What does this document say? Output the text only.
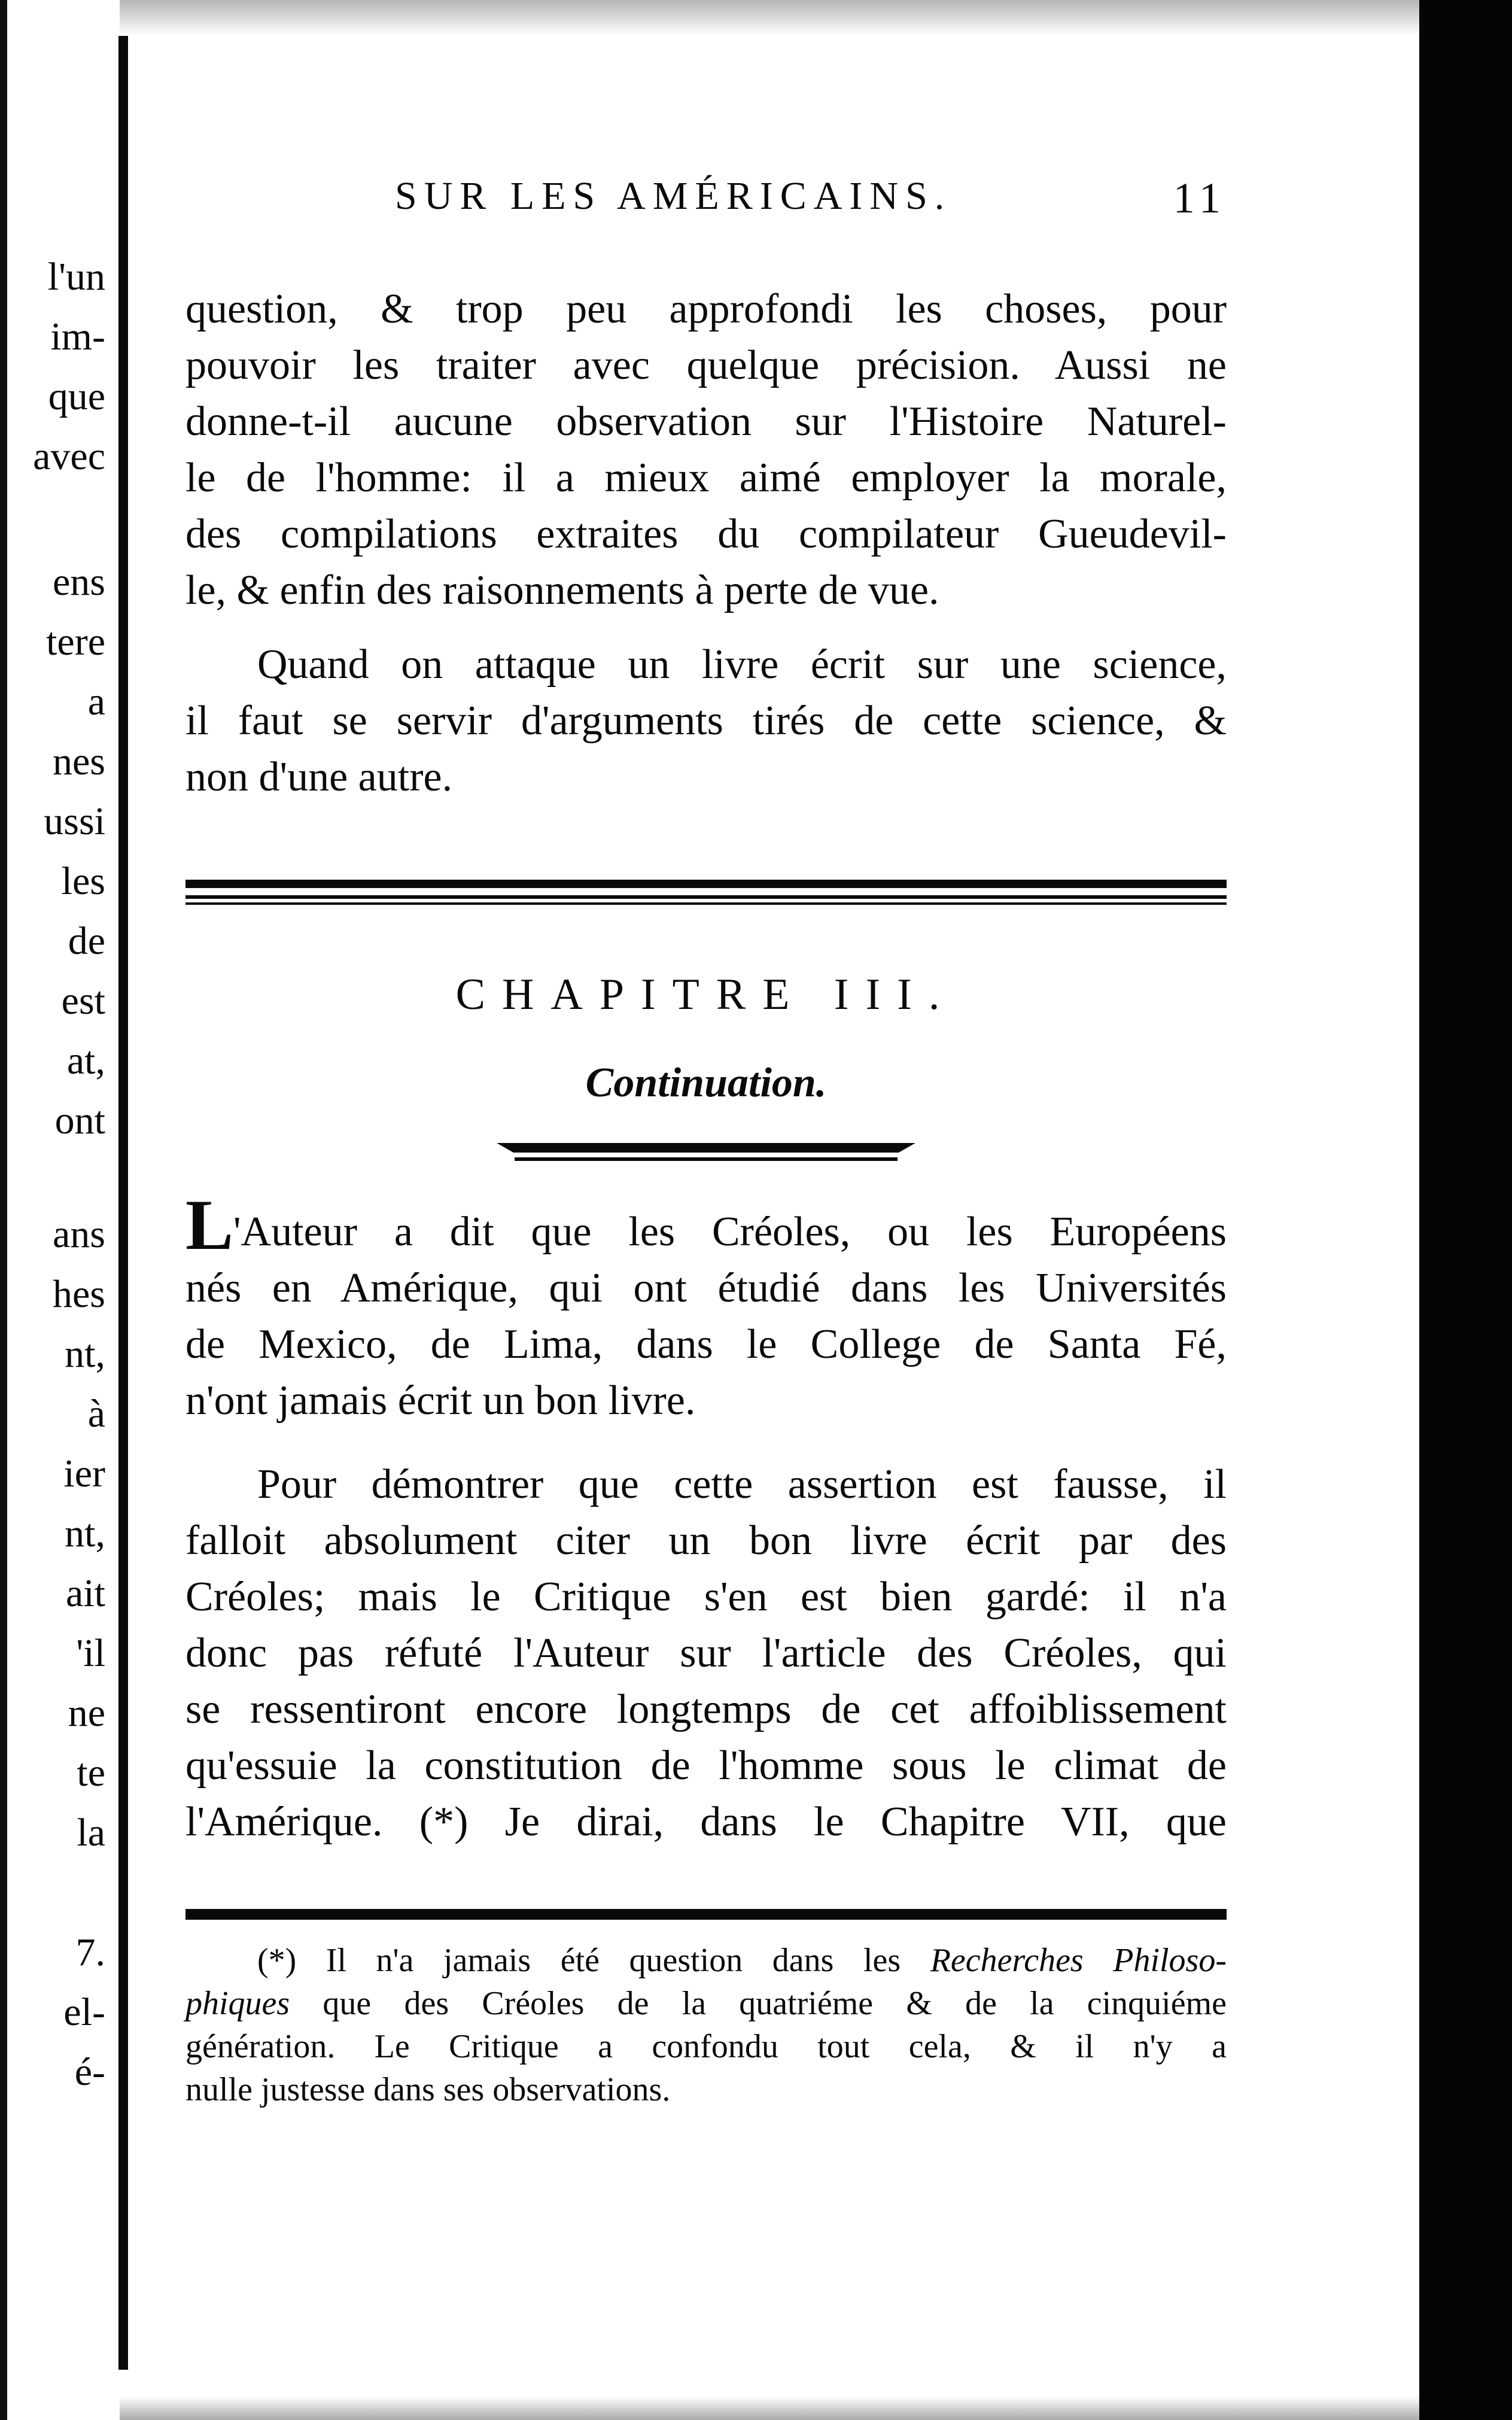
l'un
im-
que
avec
ens
tere
a
nes
ussi
les
de
est
at,
ont
ans
hes
nt,
à
ier
nt,
ait
'il
ne
te
la
7.
el-
é-
SUR LES AMÉRICAINS.	11
question, & trop peu approfondi les choses, pour
pouvoir les traiter avec quelque précision. Aussi ne
donne-t-il aucune observation sur l'Histoire Naturel-
le de l'homme: il a mieux aimé employer la morale,
des compilations extraites du compilateur Gueudevil-
le, & enfin des raisonnements à perte de vue.
Quand on attaque un livre écrit sur une science,
il faut se servir d'arguments tirés de cette science, &
non d'une autre.
CHAPITRE III.
Continuation.
L'Auteur a dit que les Créoles, ou les Européens
nés en Amérique, qui ont étudié dans les Universités
de Mexico, de Lima, dans le College de Santa Fé,
n'ont jamais écrit un bon livre.
Pour démontrer que cette assertion est fausse, il
falloit absolument citer un bon livre écrit par des
Créoles; mais le Critique s'en est bien gardé: il n'a
donc pas réfuté l'Auteur sur l'article des Créoles, qui
se ressentiront encore longtemps de cet affoiblissement
qu'essuie la constitution de l'homme sous le climat de
l'Amérique. (*) Je dirai, dans le Chapitre VII, que
(*) Il n'a jamais été question dans les Recherches Philoso-
phiques que des Créoles de la quatriéme & de la cinquiéme
génération. Le Critique a confondu tout cela, & il n'y a
nulle justesse dans ses observations.
